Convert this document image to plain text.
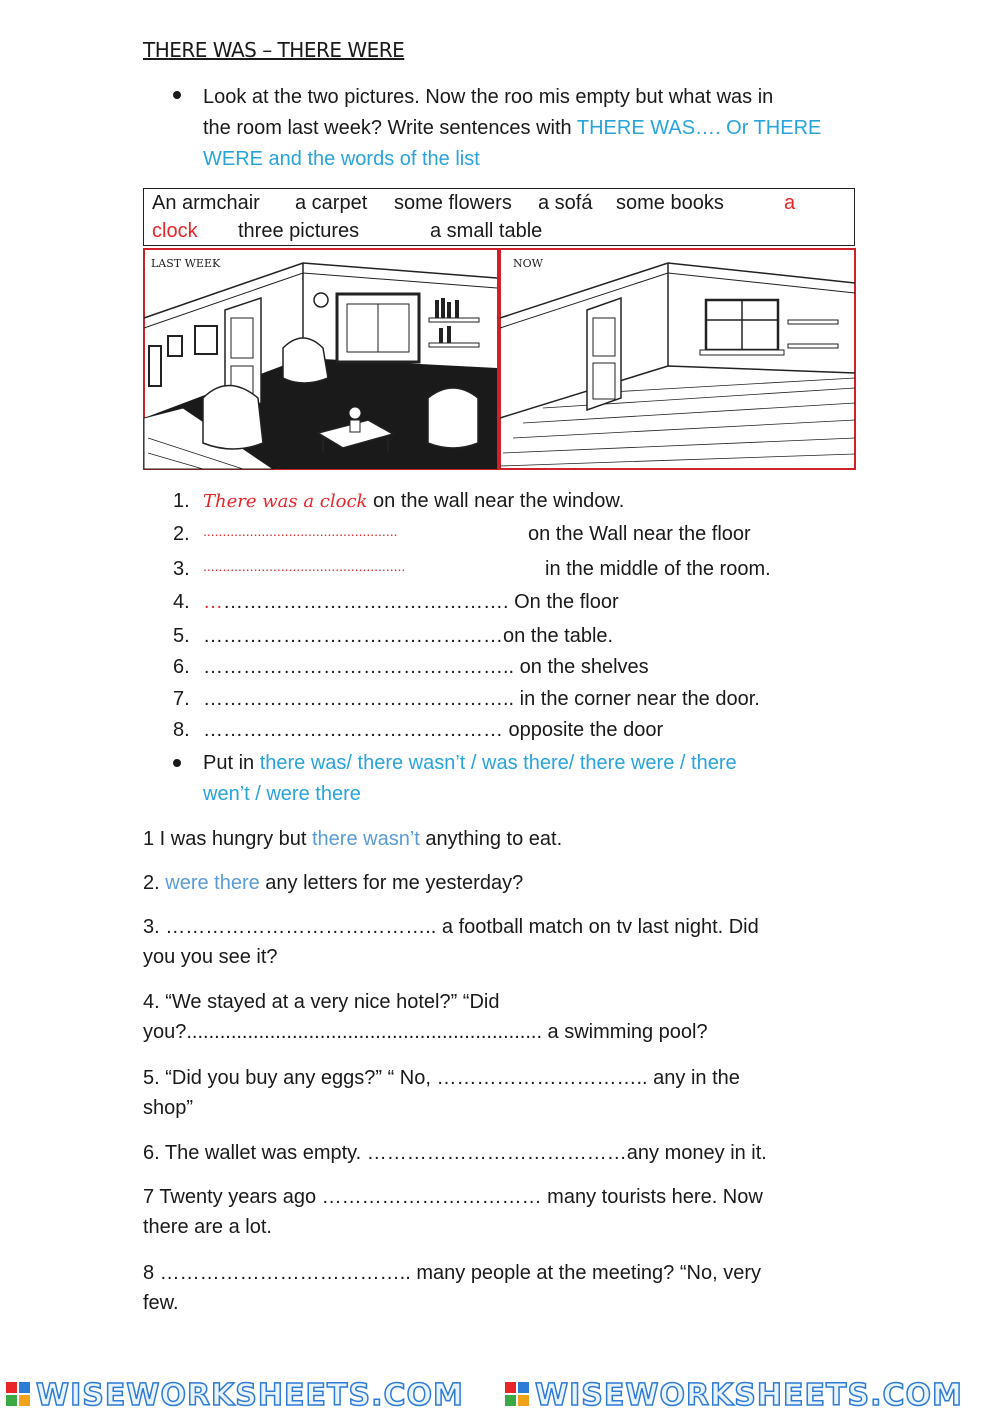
THERE WAS – THERE WERE
Look at the two pictures. Now the roo mis empty but what was in
the room last week? Write sentences with THERE WAS…. Or THERE
WERE and the words of the list
An armchair a carpet some flowers a sofá some books	a
clock three pictures	a small table
LAST WEEK	NOW
1. There was a clock on the wall near the window.
2. ..................................................	on the Wall near the floor
3. ....................................................	in the middle of the room.
4. ………………………………………. On the floor
5. ………………………………………on the table.
6. ……………………………………….. on the shelves
7. ……………………………………….. in the corner near the door.
8. ……………………………………… opposite the door
Put in there was/ there wasn’t / was there/ there were / there
wen’t / were there
1 I was hungry but there wasn’t anything to eat.
2. were there any letters for me yesterday?
3. ………………………………….. a football match on tv last night. Did
you you see it?
4. “We stayed at a very nice hotel?” “Did
you?................................................................ a swimming pool?
5. “Did you buy any eggs?” “ No, ………………………….. any in the
shop”
6. The wallet was empty. …………………………………any money in it.
7 Twenty years ago …………………………… many tourists here. Now
there are a lot.
8 ……………………………….. many people at the meeting? “No, very
few.
WISEWORKSHEETS.COM WISEWORKSHEETS.COM
